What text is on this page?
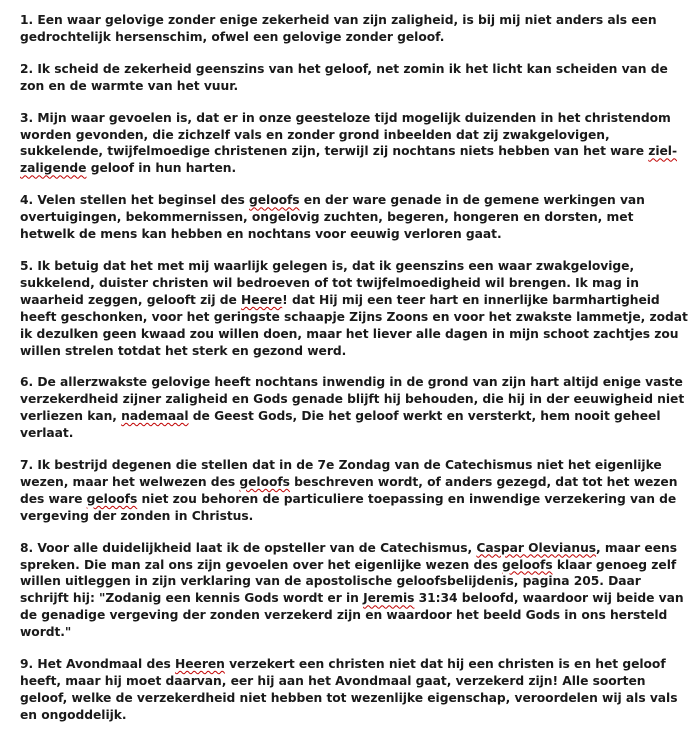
1. Een waar gelovige zonder enige zekerheid van zijn zaligheid, is bij mij niet anders als een gedrochtelijk hersenschim, ofwel een gelovige zonder geloof.

2. Ik scheid de zekerheid geenszins van het geloof, net zomin ik het licht kan scheiden van de zon en de warmte van het vuur.

3. Mijn waar gevoelen is, dat er in onze geesteloze tijd mogelijk duizenden in het christendom worden gevonden, die zichzelf vals en zonder grond inbeelden dat zij zwakgelovigen, sukkelende, twijfelmoedige christenen zijn, terwijl zij nochtans niets hebben van het ware ziel-zaligende geloof in hun harten.

4. Velen stellen het beginsel des geloofs en der ware genade in de gemene werkingen van overtuigingen, bekommernissen, ongelovig zuchten, begeren, hongeren en dorsten, met hetwelk de mens kan hebben en nochtans voor eeuwig verloren gaat.

5. Ik betuig dat het met mij waarlijk gelegen is, dat ik geenszins een waar zwakgelovige, sukkelend, duister christen wil bedroeven of tot twijfelmoedigheid wil brengen. Ik mag in waarheid zeggen, gelooft zij de Heere! dat Hij mij een teer hart en innerlijke barmhartigheid heeft geschonken, voor het geringste schaapje Zijns Zoons en voor het zwakste lammetje, zodat ik dezulken geen kwaad zou willen doen, maar het liever alle dagen in mijn schoot zachtjes zou willen strelen totdat het sterk en gezond werd.

6. De allerzwakste gelovige heeft nochtans inwendig in de grond van zijn hart altijd enige vaste verzekerdheid zijner zaligheid en Gods genade blijft hij behouden, die hij in der eeuwigheid niet verliezen kan, nademaal de Geest Gods, Die het geloof werkt en versterkt, hem nooit geheel verlaat.

7. Ik bestrijd degenen die stellen dat in de 7e Zondag van de Catechismus niet het eigenlijke wezen, maar het welwezen des geloofs beschreven wordt, of anders gezegd, dat tot het wezen des ware geloofs niet zou behoren de particuliere toepassing en inwendige verzekering van de vergeving der zonden in Christus.

8. Voor alle duidelijkheid laat ik de opsteller van de Catechismus, Caspar Olevianus, maar eens spreken. Die man zal ons zijn gevoelen over het eigenlijke wezen des geloofs klaar genoeg zelf willen uitleggen in zijn verklaring van de apostolische geloofsbelijdenis, pagina 205. Daar schrijft hij: "Zodanig een kennis Gods wordt er in Jeremis 31:34 beloofd, waardoor wij beide van de genadige vergeving der zonden verzekerd zijn en waardoor het beeld Gods in ons hersteld wordt."

9. Het Avondmaal des Heeren verzekert een christen niet dat hij een christen is en het geloof heeft, maar hij moet daarvan, eer hij aan het Avondmaal gaat, verzekerd zijn! Alle soorten geloof, welke de verzekerdheid niet hebben tot wezenlijke eigenschap, veroordelen wij als vals en ongoddelijk.
